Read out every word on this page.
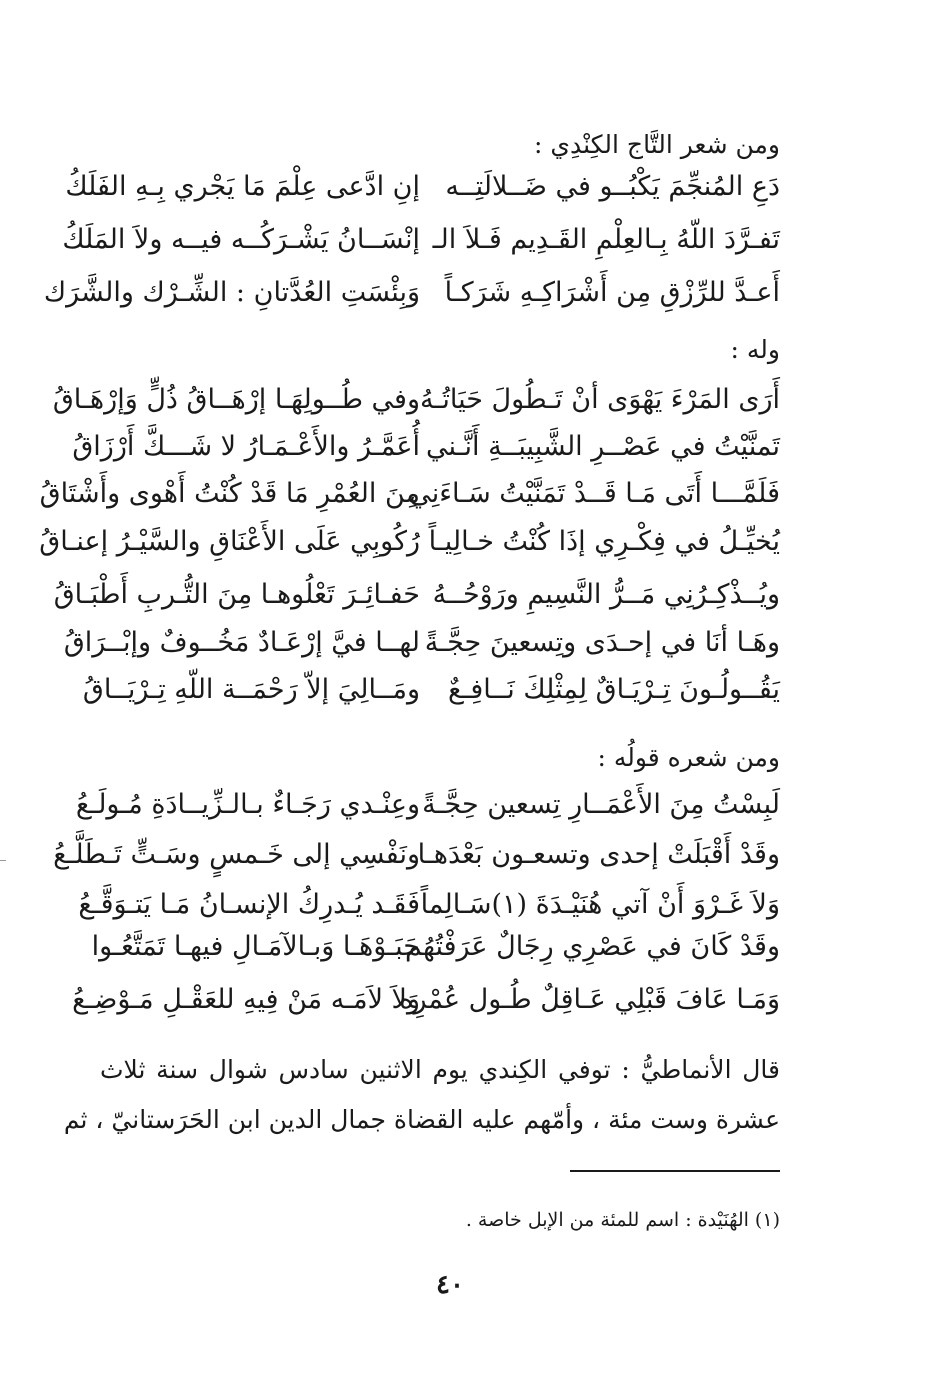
ومن شعر التَّاج الكِنْدِي :
دَعِ المُنجِّمَ يَكْبُــو في ضَــلالَتِــه
إنِ ادَّعى عِلْمَ مَا يَجْري بِـهِ الفَلَكُ
تَفـرَّدَ اللّهُ بِـالعِلْمِ القَـدِيم فَـلاَ الـ
إنْسَــانُ يَشْـرَكُــه فيــه ولاَ المَلَكُ
أَعـدَّ للرِّزْقِ مِن أَشْرَاكِـهِ شَرَكـاً
وَبِئْسَتِ العُدَّتانِ : الشِّـرْك والشَّرَك
وله :
أَرَى المَرْءَ يَهْوَى أنْ تَـطُولَ حَيَاتُـهُ
وفي طُــولِهَـا إرْهَــاقُ ذُلٍّ وَإرْهَـاقُ
تَمنَّيْتُ في عَصْــرِ الشَّبِيبَــةِ أَنَّـني
أُعَمَّـرُ والأَعْـمَـارُ لا شَـــكَّ أَرْزَاقُ
فَلَمَّـــا أَتَى مَـا قَــدْ تَمَنَّيْتُ سَـاءَنِي
مِنَ العُمْرِ مَا قَدْ كُنْتُ أَهْوى وأَشْتَاقُ
يُخيِّـلُ في فِكْـرِي إذَا كُنْتُ خـالِيـاً
رُكُوبِي عَلَى الأَعْنَاقِ والسَّيْـرُ إعنـاقُ
ويُــذْكِـرُنِي مَــرُّ النَّسِيمِ ورَوْحُــهُ
حَفـائِـرَ تَعْلُوهـا مِنَ التُّـربِ أَطْبَـاقُ
وهَـا أنَا في إحـدَى وتِسعينَ حِجَّـةً
لهــا فيَّ إرْعَـادٌ مَخُــوفٌ وإبْــرَاقُ
يَقُــولُـونَ تِـرْيَـاقٌ لِمِثْلِكَ نَــافِـعٌ
ومَــالِيَ إلاّ رَحْمَــة اللّهِ تِـرْيَــاقُ
ومن شعره قولُه :
لَبِسْتُ مِنَ الأَعْمَــارِ تِسعين حِجَّـةً
وعِنْـدي رَجَـاءٌ بـالـزِّيــادَةِ مُـولَـعُ
وقَدْ أَقْبَلَتْ إحدى وتسعـون بَعْدَهـا
ونَفْسِي إلى خَـمسٍ وسَـتٍّ تَـطَلَّـعُ
وَلاَ غَـرْوَ أَنْ آتي هُنَيْـدَةَ (١)سَـالِماً
فَقَـد يُـدرِكُ الإنسـانُ مَـا يَتـوَقَّـعُ
وقَدْ كَانَ في عَصْرِي رِجَالٌ عَرَفْتُهُم
حَبَـوْهَـا وَبـالآمَـالِ فيهـا تَمَتَّعُـوا
وَمَـا عَافَ قَبْلِي عَـاقِلٌ طُـول عُمْرِه
وَلاَ لاَمَـه مَنْ فِيهِ للعَقْـلِ مَـوْضِـعُ
قال الأنماطيُّ : توفي الكِندي يوم الاثنين سادس شوال سنة ثلاث
عشرة وست مئة ، وأمّهم عليه القضاة جمال الدين ابن الحَرَستانيّ ، ثم
(١) الهُنَيْدة : اسم للمئة من الإبل خاصة .
٤٠
